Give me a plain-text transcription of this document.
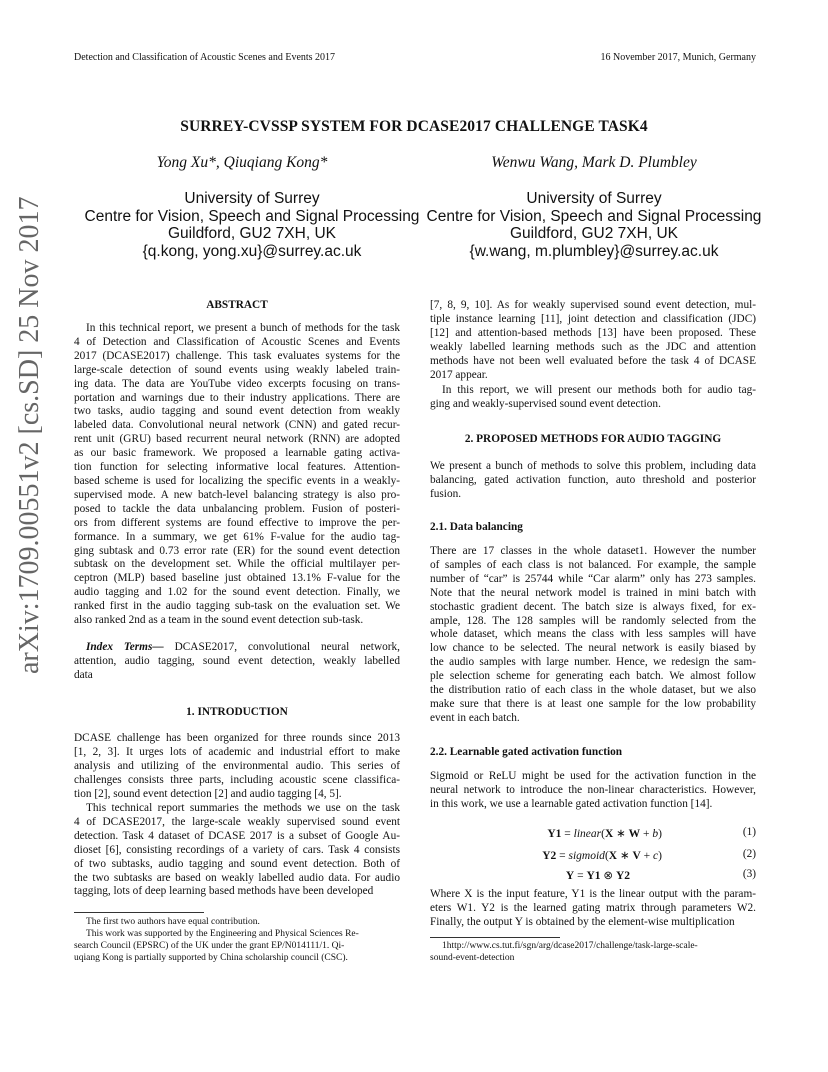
Detection and Classification of Acoustic Scenes and Events 2017	16 November 2017, Munich, Germany
arXiv:1709.00551v2 [cs.SD] 25 Nov 2017
SURREY-CVSSP SYSTEM FOR DCASE2017 CHALLENGE TASK4
Yong Xu*, Qiuqiang Kong*	Wenwu Wang, Mark D. Plumbley
University of Surrey
Centre for Vision, Speech and Signal Processing
Guildford, GU2 7XH, UK
{q.kong, yong.xu}@surrey.ac.uk
University of Surrey
Centre for Vision, Speech and Signal Processing
Guildford, GU2 7XH, UK
{w.wang, m.plumbley}@surrey.ac.uk
ABSTRACT
In this technical report, we present a bunch of methods for the task
4 of Detection and Classification of Acoustic Scenes and Events
2017 (DCASE2017) challenge. This task evaluates systems for the
large-scale detection of sound events using weakly labeled train-
ing data. The data are YouTube video excerpts focusing on trans-
portation and warnings due to their industry applications. There are
two tasks, audio tagging and sound event detection from weakly
labeled data. Convolutional neural network (CNN) and gated recur-
rent unit (GRU) based recurrent neural network (RNN) are adopted
as our basic framework. We proposed a learnable gating activa-
tion function for selecting informative local features. Attention-
based scheme is used for localizing the specific events in a weakly-
supervised mode. A new batch-level balancing strategy is also pro-
posed to tackle the data unbalancing problem. Fusion of posteri-
ors from different systems are found effective to improve the per-
formance. In a summary, we get 61% F-value for the audio tag-
ging subtask and 0.73 error rate (ER) for the sound event detection
subtask on the development set. While the official multilayer per-
ceptron (MLP) based baseline just obtained 13.1% F-value for the
audio tagging and 1.02 for the sound event detection. Finally, we
ranked first in the audio tagging sub-task on the evaluation set. We
also ranked 2nd as a team in the sound event detection sub-task.
Index Terms— DCASE2017, convolutional neural network,
attention, audio tagging, sound event detection, weakly labelled
data
1. INTRODUCTION
DCASE challenge has been organized for three rounds since 2013
[1, 2, 3]. It urges lots of academic and industrial effort to make
analysis and utilizing of the environmental audio. This series of
challenges consists three parts, including acoustic scene classifica-
tion [2], sound event detection [2] and audio tagging [4, 5].
This technical report summaries the methods we use on the task
4 of DCASE2017, the large-scale weakly supervised sound event
detection. Task 4 dataset of DCASE 2017 is a subset of Google Au-
dioset [6], consisting recordings of a variety of cars. Task 4 consists
of two subtasks, audio tagging and sound event detection. Both of
the two subtasks are based on weakly labelled audio data. For audio
tagging, lots of deep learning based methods have been developed
The first two authors have equal contribution.
This work was supported by the Engineering and Physical Sciences Re-
search Council (EPSRC) of the UK under the grant EP/N014111/1. Qi-
uqiang Kong is partially supported by China scholarship council (CSC).
[7, 8, 9, 10]. As for weakly supervised sound event detection, mul-
tiple instance learning [11], joint detection and classification (JDC)
[12] and attention-based methods [13] have been proposed. These
weakly labelled learning methods such as the JDC and attention
methods have not been well evaluated before the task 4 of DCASE
2017 appear.
In this report, we will present our methods both for audio tag-
ging and weakly-supervised sound event detection.
2. PROPOSED METHODS FOR AUDIO TAGGING
We present a bunch of methods to solve this problem, including data
balancing, gated activation function, auto threshold and posterior
fusion.
2.1. Data balancing
There are 17 classes in the whole dataset1. However the number
of samples of each class is not balanced. For example, the sample
number of “car” is 25744 while “Car alarm” only has 273 samples.
Note that the neural network model is trained in mini batch with
stochastic gradient decent. The batch size is always fixed, for ex-
ample, 128. The 128 samples will be randomly selected from the
whole dataset, which means the class with less samples will have
low chance to be selected. The neural network is easily biased by
the audio samples with large number. Hence, we redesign the sam-
ple selection scheme for generating each batch. We almost follow
the distribution ratio of each class in the whole dataset, but we also
make sure that there is at least one sample for the low probability
event in each batch.
2.2. Learnable gated activation function
Sigmoid or ReLU might be used for the activation function in the
neural network to introduce the non-linear characteristics. However,
in this work, we use a learnable gated activation function [14].
Y1 = linear(X ∗ W + b)	(1)
Y2 = sigmoid(X ∗ V + c)	(2)
Y = Y1 ⊗ Y2	(3)
Where X is the input feature, Y1 is the linear output with the param-
eters W1. Y2 is the learned gating matrix through parameters W2.
Finally, the output Y is obtained by the element-wise multiplication
1http://www.cs.tut.fi/sgn/arg/dcase2017/challenge/task-large-scale-
sound-event-detection
